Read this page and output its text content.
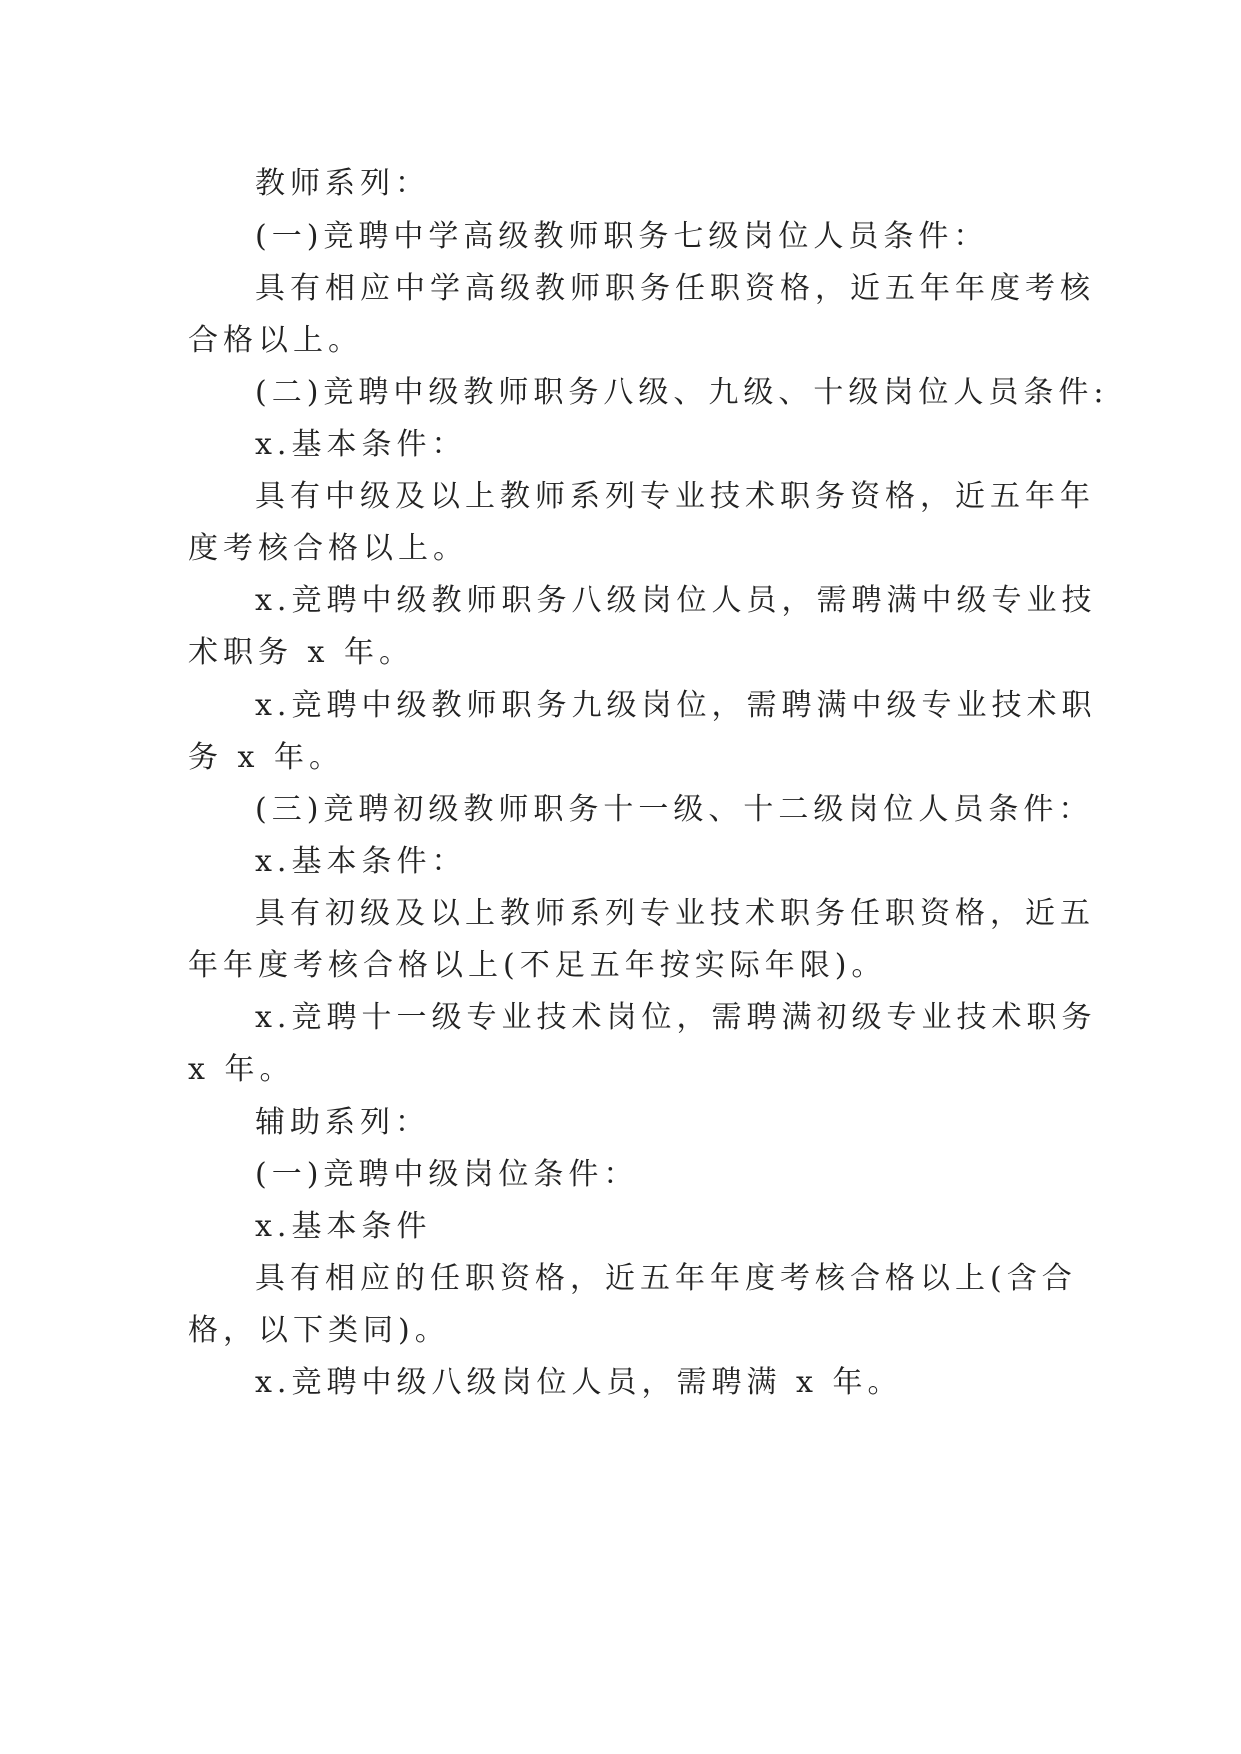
教师系列：
(一)竞聘中学高级教师职务七级岗位人员条件：
具有相应中学高级教师职务任职资格，近五年年度考核
合格以上。
(二)竞聘中级教师职务八级、九级、十级岗位人员条件:
x.基本条件：
具有中级及以上教师系列专业技术职务资格，近五年年
度考核合格以上。
x.竞聘中级教师职务八级岗位人员，需聘满中级专业技
术职务 x 年。
x.竞聘中级教师职务九级岗位，需聘满中级专业技术职
务 x 年。
(三)竞聘初级教师职务十一级、十二级岗位人员条件：
x.基本条件：
具有初级及以上教师系列专业技术职务任职资格，近五
年年度考核合格以上(不足五年按实际年限)。
x.竞聘十一级专业技术岗位，需聘满初级专业技术职务
x 年。
辅助系列：
(一)竞聘中级岗位条件：
x.基本条件
具有相应的任职资格，近五年年度考核合格以上(含合
格，以下类同)。
x.竞聘中级八级岗位人员，需聘满 x 年。
